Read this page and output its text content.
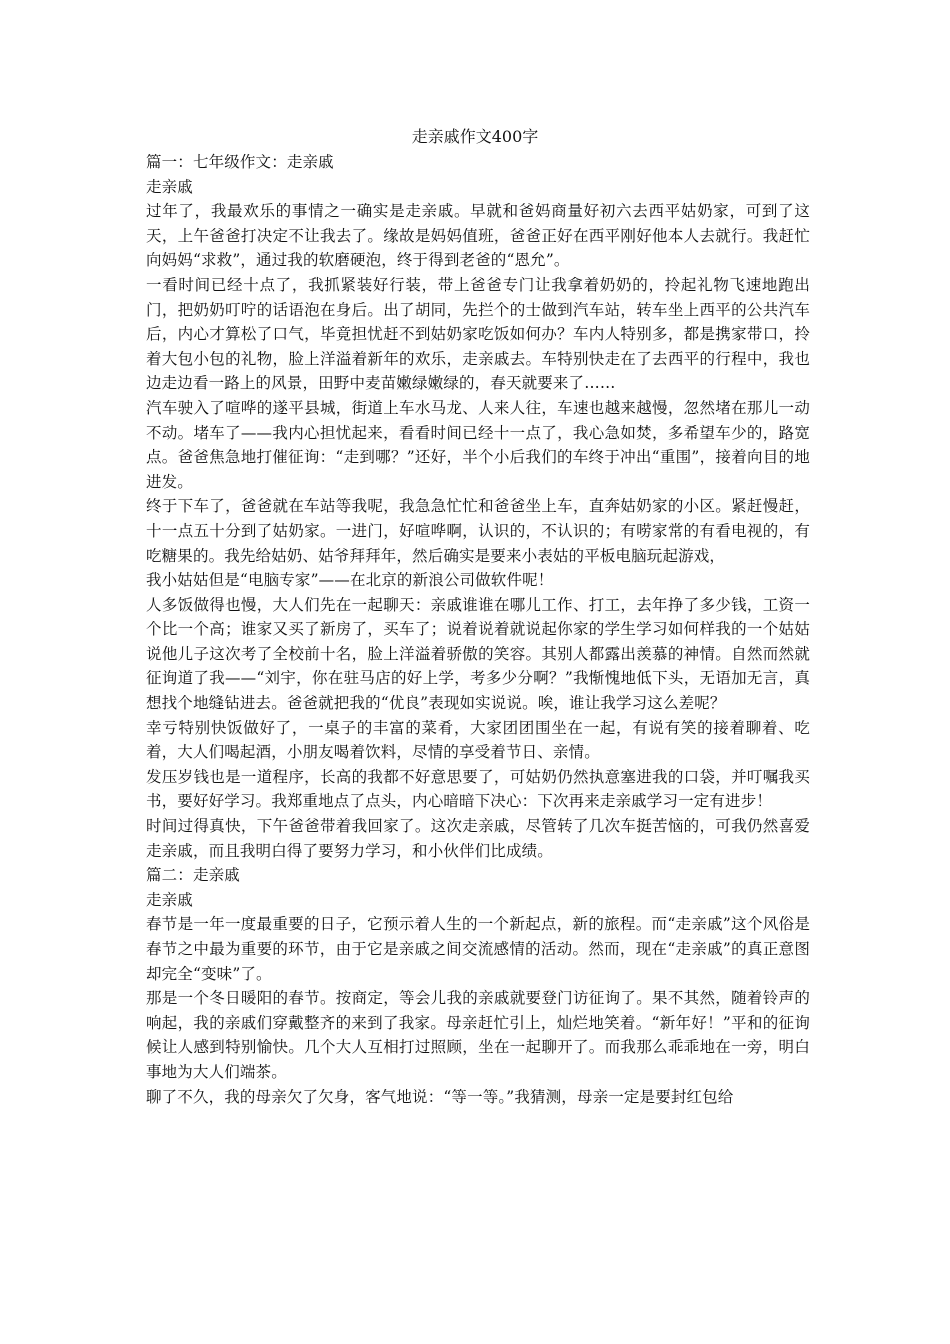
走亲戚作文400字

篇一：七年级作文：走亲戚

走亲戚

过年了，我最欢乐的事情之一确实是走亲戚。早就和爸妈商量好初六去西平姑奶家，可到了这天，上午爸爸打决定不让我去了。缘故是妈妈值班，爸爸正好在西平刚好他本人去就行。我赶忙向妈妈“求救”，通过我的软磨硬泡，终于得到老爸的“恩允”。

一看时间已经十点了，我抓紧装好行装，带上爸爸专门让我拿着奶奶的，拎起礼物飞速地跑出门，把奶奶叮咛的话语泡在身后。出了胡同，先拦个的士做到汽车站，转车坐上西平的公共汽车后，内心才算松了口气，毕竟担忧赶不到姑奶家吃饭如何办？车内人特别多，都是携家带口，拎着大包小包的礼物，脸上洋溢着新年的欢乐，走亲戚去。车特别快走在了去西平的行程中，我也边走边看一路上的风景，田野中麦苗嫩绿嫩绿的，春天就要来了……

汽车驶入了喧哗的遂平县城，街道上车水马龙、人来人往，车速也越来越慢，忽然堵在那儿一动不动。堵车了——我内心担忧起来，看看时间已经十一点了，我心急如焚，多希望车少的，路宽点。爸爸焦急地打催征询：“走到哪？”还好，半个小后我们的车终于冲出“重围”，接着向目的地进发。

终于下车了，爸爸就在车站等我呢，我急急忙忙和爸爸坐上车，直奔姑奶家的小区。紧赶慢赶，十一点五十分到了姑奶家。一进门，好喧哗啊，认识的，不认识的；有唠家常的有看电视的，有吃糖果的。我先给姑奶、姑爷拜拜年，然后确实是要来小表姑的平板电脑玩起游戏，

我小姑姑但是“电脑专家”——在北京的新浪公司做软件呢！

人多饭做得也慢，大人们先在一起聊天：亲戚谁谁在哪儿工作、打工，去年挣了多少钱，工资一个比一个高；谁家又买了新房了，买车了；说着说着就说起你家的学生学习如何样我的一个姑姑说他儿子这次考了全校前十名，脸上洋溢着骄傲的笑容。其别人都露出羡慕的神情。自然而然就征询道了我——“刘宇，你在驻马店的好上学，考多少分啊？”我惭愧地低下头，无语加无言，真想找个地缝钻进去。爸爸就把我的“优良”表现如实说说。唉，谁让我学习这么差呢？

幸亏特别快饭做好了，一桌子的丰富的菜肴，大家团团围坐在一起，有说有笑的接着聊着、吃着，大人们喝起酒，小朋友喝着饮料，尽情的享受着节日、亲情。

发压岁钱也是一道程序，长高的我都不好意思要了，可姑奶仍然执意塞进我的口袋，并叮嘱我买书，要好好学习。我郑重地点了点头，内心暗暗下决心：下次再来走亲戚学习一定有进步！

时间过得真快，下午爸爸带着我回家了。这次走亲戚，尽管转了几次车挺苦恼的，可我仍然喜爱走亲戚，而且我明白得了要努力学习，和小伙伴们比成绩。

篇二：走亲戚

走亲戚

春节是一年一度最重要的日子，它预示着人生的一个新起点，新的旅程。而“走亲戚”这个风俗是春节之中最为重要的环节，由于它是亲戚之间交流感情的活动。然而，现在“走亲戚”的真正意图却完全“变味”了。

那是一个冬日暖阳的春节。按商定，等会儿我的亲戚就要登门访征询了。果不其然，随着铃声的响起，我的亲戚们穿戴整齐的来到了我家。母亲赶忙引上，灿烂地笑着。“新年好！”平和的征询候让人感到特别愉快。几个大人互相打过照顾，坐在一起聊开了。而我那么乖乖地在一旁，明白事地为大人们端茶。

聊了不久，我的母亲欠了欠身，客气地说：“等一等。”我猜测，母亲一定是要封红包给
